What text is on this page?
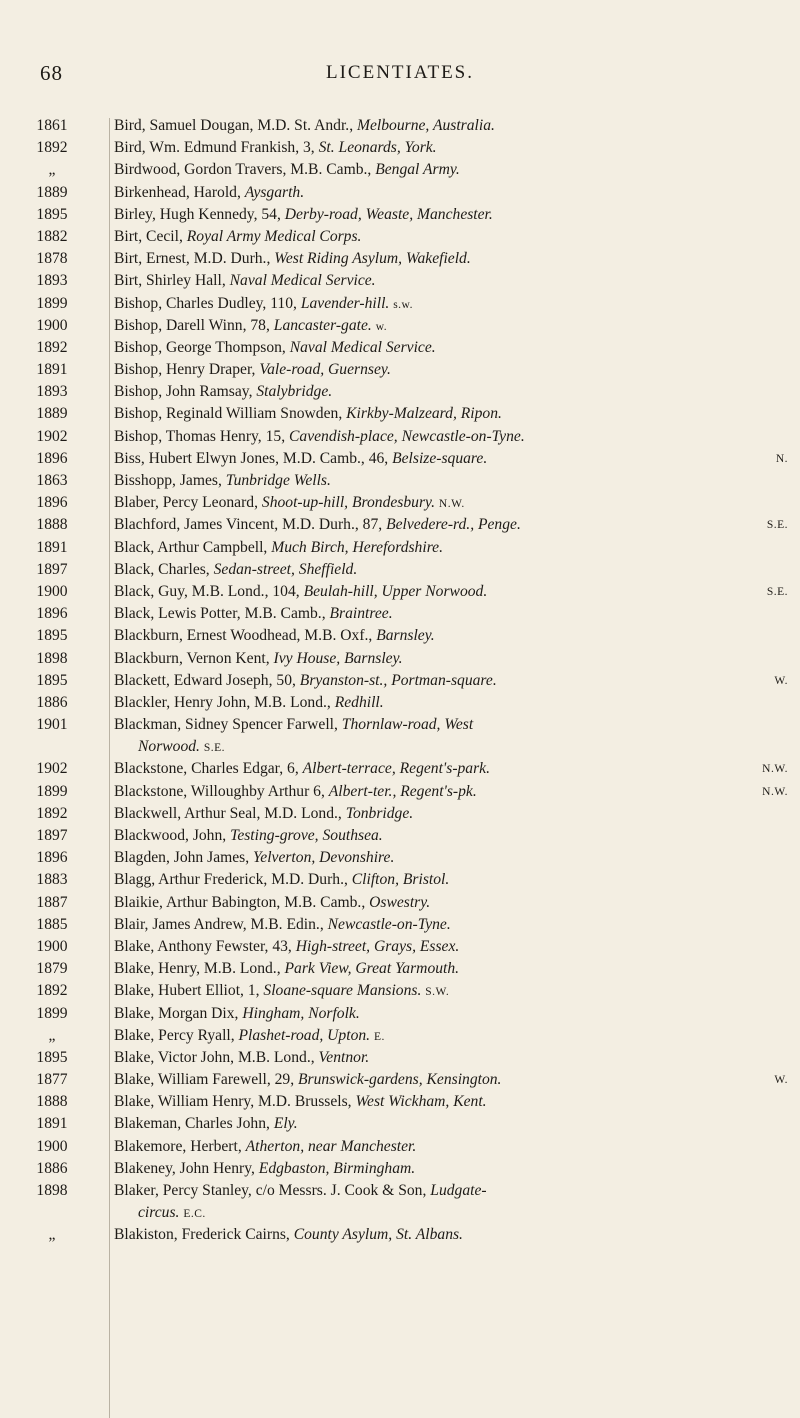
68	LICENTIATES.
1861	Bird, Samuel Dougan, M.D. St. Andr., Melbourne, Australia.
1892	Bird, Wm. Edmund Frankish, 3, St. Leonards, York.
„	Birdwood, Gordon Travers, M.B. Camb., Bengal Army.
1889	Birkenhead, Harold, Aysgarth.
1895	Birley, Hugh Kennedy, 54, Derby-road, Weaste, Manchester.
1882	Birt, Cecil, Royal Army Medical Corps.
1878	Birt, Ernest, M.D. Durh., West Riding Asylum, Wakefield.
1893	Birt, Shirley Hall, Naval Medical Service.
1899	Bishop, Charles Dudley, 110, Lavender-hill. s.w.
1900	Bishop, Darell Winn, 78, Lancaster-gate. w.
1892	Bishop, George Thompson, Naval Medical Service.
1891	Bishop, Henry Draper, Vale-road, Guernsey.
1893	Bishop, John Ramsay, Stalybridge.
1889	Bishop, Reginald William Snowden, Kirkby-Malzeard, Ripon.
1902	Bishop, Thomas Henry, 15, Cavendish-place, Newcastle-on-Tyne.
1896	Biss, Hubert Elwyn Jones, M.D. Camb., 46, Belsize-square.	N.
1863	Bisshopp, James, Tunbridge Wells.
1896	Blaber, Percy Leonard, Shoot-up-hill, Brondesbury. N.W.
1888	Blachford, James Vincent, M.D. Durh., 87, Belvedere-rd., Penge.	S.E.
1891	Black, Arthur Campbell, Much Birch, Herefordshire.
1897	Black, Charles, Sedan-street, Sheffield.
1900	Black, Guy, M.B. Lond., 104, Beulah-hill, Upper Norwood.	S.E.
1896	Black, Lewis Potter, M.B. Camb., Braintree.
1895	Blackburn, Ernest Woodhead, M.B. Oxf., Barnsley.
1898	Blackburn, Vernon Kent, Ivy House, Barnsley.
1895	Blackett, Edward Joseph, 50, Bryanston-st., Portman-square.	W.
1886	Blackler, Henry John, M.B. Lond., Redhill.
1901	Blackman, Sidney Spencer Farwell, Thornlaw-road, West
Norwood. S.E.
1902	Blackstone, Charles Edgar, 6, Albert-terrace, Regent's-park.	N.W.
1899	Blackstone, Willoughby Arthur 6, Albert-ter., Regent's-pk.	N.W.
1892	Blackwell, Arthur Seal, M.D. Lond., Tonbridge.
1897	Blackwood, John, Testing-grove, Southsea.
1896	Blagden, John James, Yelverton, Devonshire.
1883	Blagg, Arthur Frederick, M.D. Durh., Clifton, Bristol.
1887	Blaikie, Arthur Babington, M.B. Camb., Oswestry.
1885	Blair, James Andrew, M.B. Edin., Newcastle-on-Tyne.
1900	Blake, Anthony Fewster, 43, High-street, Grays, Essex.
1879	Blake, Henry, M.B. Lond., Park View, Great Yarmouth.
1892	Blake, Hubert Elliot, 1, Sloane-square Mansions. S.W.
1899	Blake, Morgan Dix, Hingham, Norfolk.
„	Blake, Percy Ryall, Plashet-road, Upton. E.
1895	Blake, Victor John, M.B. Lond., Ventnor.
1877	Blake, William Farewell, 29, Brunswick-gardens, Kensington.	W.
1888	Blake, William Henry, M.D. Brussels, West Wickham, Kent.
1891	Blakeman, Charles John, Ely.
1900	Blakemore, Herbert, Atherton, near Manchester.
1886	Blakeney, John Henry, Edgbaston, Birmingham.
1898	Blaker, Percy Stanley, c/o Messrs. J. Cook & Son, Ludgate-
circus. E.C.
„	Blakiston, Frederick Cairns, County Asylum, St. Albans.
